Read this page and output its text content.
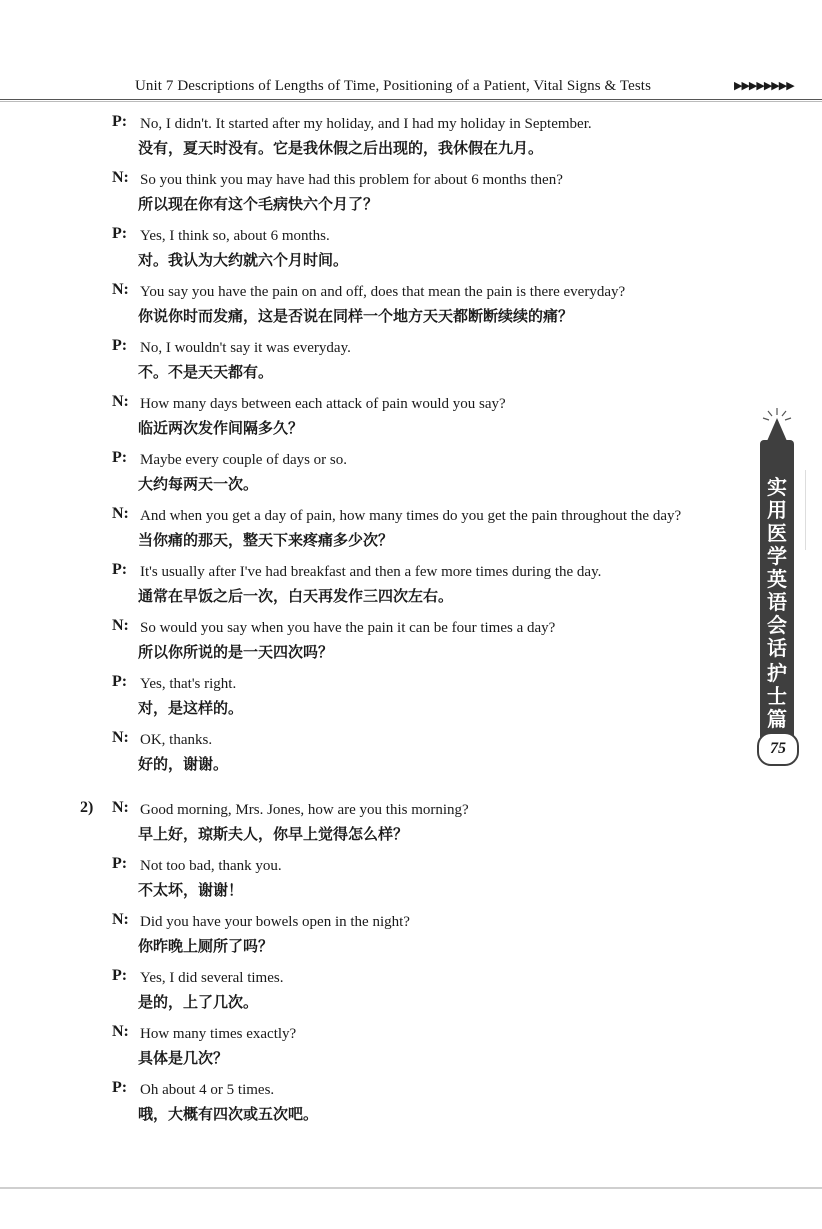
Unit 7 Descriptions of Lengths of Time, Positioning of a Patient, Vital Signs & Tests	▶▶▶▶▶▶▶▶
P: No, I didn't. It started after my holiday, and I had my holiday in September.
没有，夏天时没有。它是我休假之后出现的，我休假在九月。
N: So you think you may have had this problem for about 6 months then?
所以现在你有这个毛病快六个月了？
P: Yes, I think so, about 6 months.
对。我认为大约就六个月时间。
N: You say you have the pain on and off, does that mean the pain is there everyday?
你说你时而发痛，这是否说在同样一个地方天天都断断续续的痛？
P: No, I wouldn't say it was everyday.
不。不是天天都有。
N: How many days between each attack of pain would you say?
临近两次发作间隔多久？
P: Maybe every couple of days or so.
大约每两天一次。
N: And when you get a day of pain, how many times do you get the pain throughout the day?
当你痛的那天，整天下来疼痛多少次？
P: It's usually after I've had breakfast and then a few more times during the day.
通常在早饭之后一次，白天再发作三四次左右。
N: So would you say when you have the pain it can be four times a day?
所以你所说的是一天四次吗？
P: Yes, that's right.
对，是这样的。
N: OK, thanks.
好的，谢谢。
2) N: Good morning, Mrs. Jones, how are you this morning?
早上好，琼斯夫人，你早上觉得怎么样？
P: Not too bad, thank you.
不太坏，谢谢！
N: Did you have your bowels open in the night?
你昨晚上厕所了吗？
P: Yes, I did several times.
是的，上了几次。
N: How many times exactly?
具体是几次？
P: Oh about 4 or 5 times.
哦，大概有四次或五次吧。
实
用
医
学
英
语
会
话
护
士
篇
75
